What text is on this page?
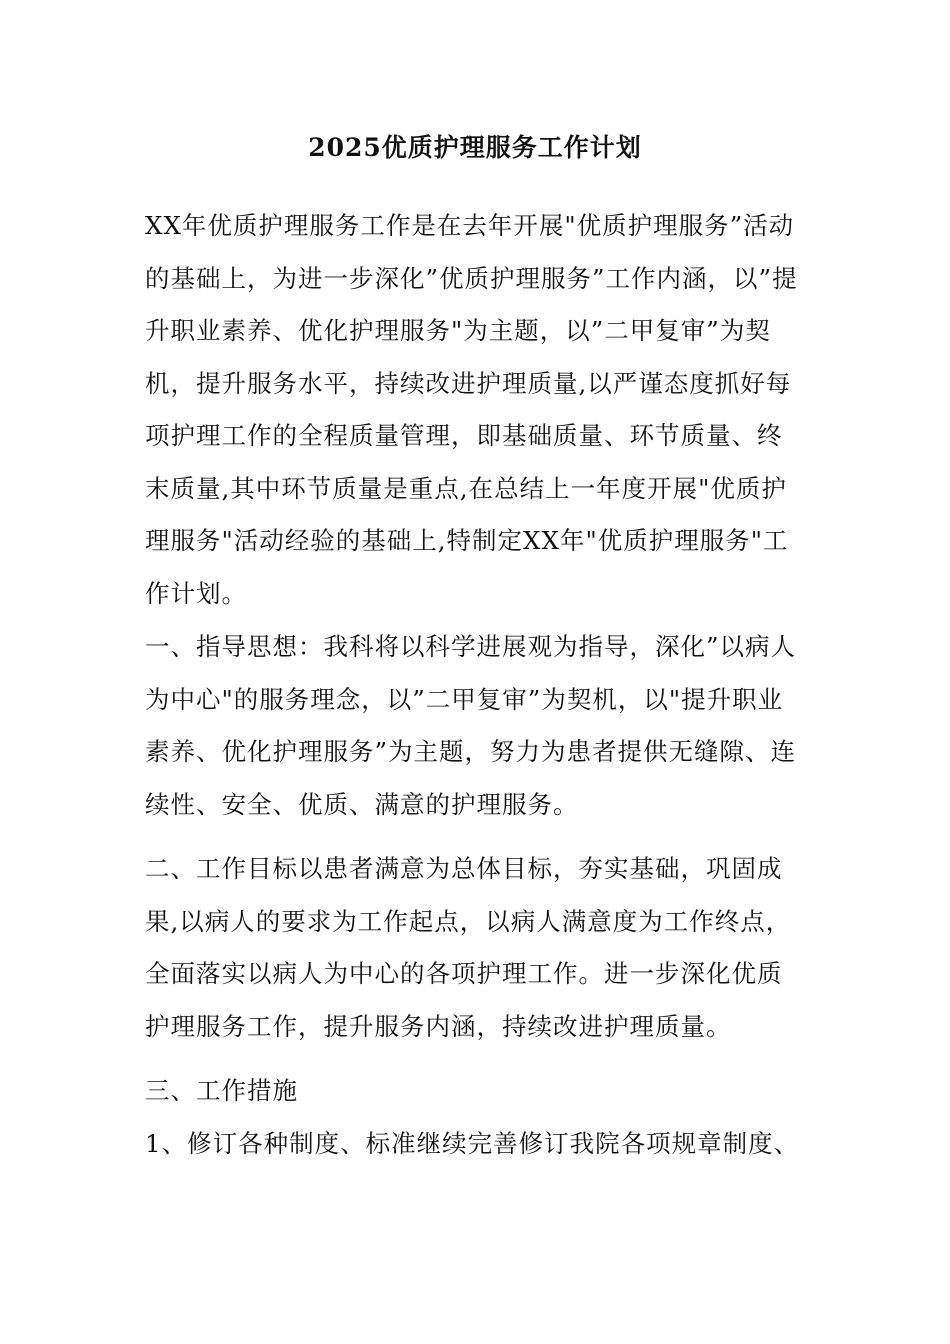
2025优质护理服务工作计划

XX年优质护理服务工作是在去年开展"优质护理服务”活动的基础上，为进一步深化”优质护理服务”工作内涵，以”提升职业素养、优化护理服务"为主题，以”二甲复审”为契机，提升服务水平，持续改进护理质量,以严谨态度抓好每项护理工作的全程质量管理，即基础质量、环节质量、终末质量,其中环节质量是重点,在总结上一年度开展"优质护理服务"活动经验的基础上,特制定XX年"优质护理服务"工作计划。

一、指导思想：我科将以科学进展观为指导，深化”以病人为中心"的服务理念，以”二甲复审”为契机，以"提升职业素养、优化护理服务”为主题，努力为患者提供无缝隙、连续性、安全、优质、满意的护理服务。

二、工作目标以患者满意为总体目标，夯实基础，巩固成果,以病人的要求为工作起点，以病人满意度为工作终点，全面落实以病人为中心的各项护理工作。进一步深化优质护理服务工作，提升服务内涵，持续改进护理质量。

三、工作措施

1、修订各种制度、标准继续完善修订我院各项规章制度、
